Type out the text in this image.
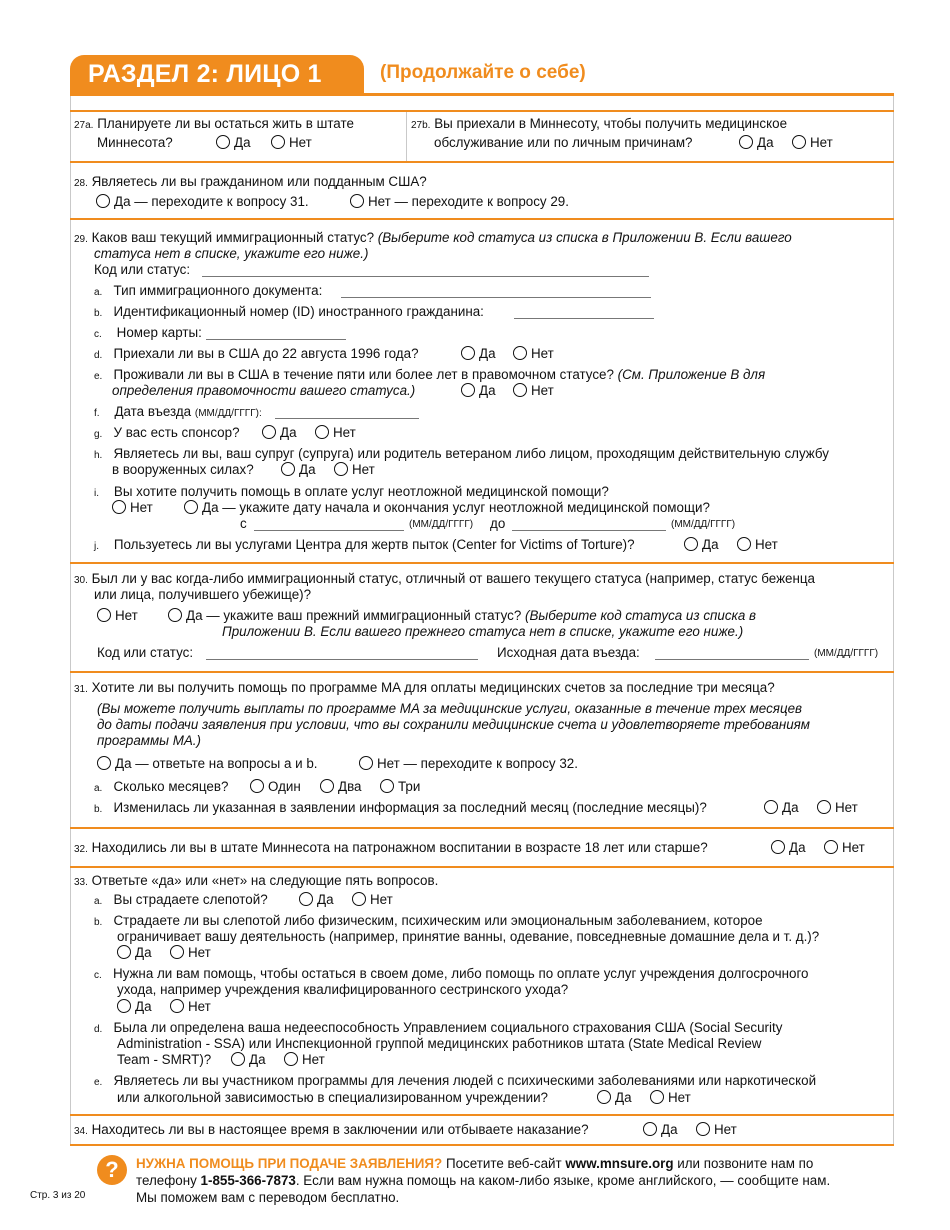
РАЗДЕЛ 2: ЛИЦО 1	(Продолжайте о себе)
27a. Планируете ли вы остаться жить в штате
Миннесота?	Да	Нет
27b. Вы приехали в Миннесоту, чтобы получить медицинское
обслуживание или по личным причинам?	Да	Нет
28. Являетесь ли вы гражданином или подданным США?
Да — переходите к вопросу 31.	Нет — переходите к вопросу 29.
29. Каков ваш текущий иммиграционный статус? (Выберите код статуса из списка в Приложении B. Если вашего
статуса нет в списке, укажите его ниже.)
Код или статус:
a. Тип иммиграционного документа:
b. Идентификационный номер (ID) иностранного гражданина:
c. Номер карты:
d. Приехали ли вы в США до 22 августа 1996 года?	Да	Нет
e. Проживали ли вы в США в течение пяти или более лет в правомочном статусе? (См. Приложение B для
определения правомочности вашего статуса.)	Да	Нет
f. Дата въезда (ММ/ДД/ГГГГ):
g. У вас есть спонсор?	Да	Нет
h. Являетесь ли вы, ваш супруг (супруга) или родитель ветераном либо лицом, проходящим действительную службу
в вооруженных силах?	Да	Нет
i. Вы хотите получить помощь в оплате услуг неотложной медицинской помощи?
Нет	Да — укажите дату начала и окончания услуг неотложной медицинской помощи?
с	(ММ/ДД/ГГГГ) до	(ММ/ДД/ГГГГ)
j. Пользуетесь ли вы услугами Центра для жертв пыток (Center for Victims of Torture)?	Да	Нет
30. Был ли у вас когда-либо иммиграционный статус, отличный от вашего текущего статуса (например, статус беженца
или лица, получившего убежище)?
Нет	Да — укажите ваш прежний иммиграционный статус? (Выберите код статуса из списка в
Приложении B. Если вашего прежнего статуса нет в списке, укажите его ниже.)
Код или статус:	Исходная дата въезда:	(ММ/ДД/ГГГГ)
31. Хотите ли вы получить помощь по программе MA для оплаты медицинских счетов за последние три месяца?
(Вы можете получить выплаты по программе MA за медицинские услуги, оказанные в течение трех месяцев
до даты подачи заявления при условии, что вы сохранили медицинские счета и удовлетворяете требованиям
программы MA.)
Да — ответьте на вопросы a и b.	Нет — переходите к вопросу 32.
a. Сколько месяцев?	Один	Два	Три
b. Изменилась ли указанная в заявлении информация за последний месяц (последние месяцы)?	Да	Нет
32. Находились ли вы в штате Миннесота на патронажном воспитании в возрасте 18 лет или старше?	Да	Нет
33. Ответьте «да» или «нет» на следующие пять вопросов.
a. Вы страдаете слепотой?	Да	Нет
b. Страдаете ли вы слепотой либо физическим, психическим или эмоциональным заболеванием, которое
ограничивает вашу деятельность (например, принятие ванны, одевание, повседневные домашние дела и т. д.)?
Да	Нет
c. Нужна ли вам помощь, чтобы остаться в своем доме, либо помощь по оплате услуг учреждения долгосрочного
ухода, например учреждения квалифицированного сестринского ухода?
Да	Нет
d. Была ли определена ваша недееспособность Управлением социального страхования США (Social Security
Administration - SSA) или Инспекционной группой медицинских работников штата (State Medical Review
Team - SMRT)?	Да	Нет
e. Являетесь ли вы участником программы для лечения людей с психическими заболеваниями или наркотической
или алкогольной зависимостью в специализированном учреждении?	Да	Нет
34. Находитесь ли вы в настоящее время в заключении или отбываете наказание?	Да	Нет
?	НУЖНА ПОМОЩЬ ПРИ ПОДАЧЕ ЗАЯВЛЕНИЯ? Посетите веб-сайт www.mnsure.org или позвоните нам по
телефону 1-855-366-7873. Если вам нужна помощь на каком-либо языке, кроме английского, — сообщите нам.
Мы поможем вам с переводом бесплатно.
Стр. 3 из 20
